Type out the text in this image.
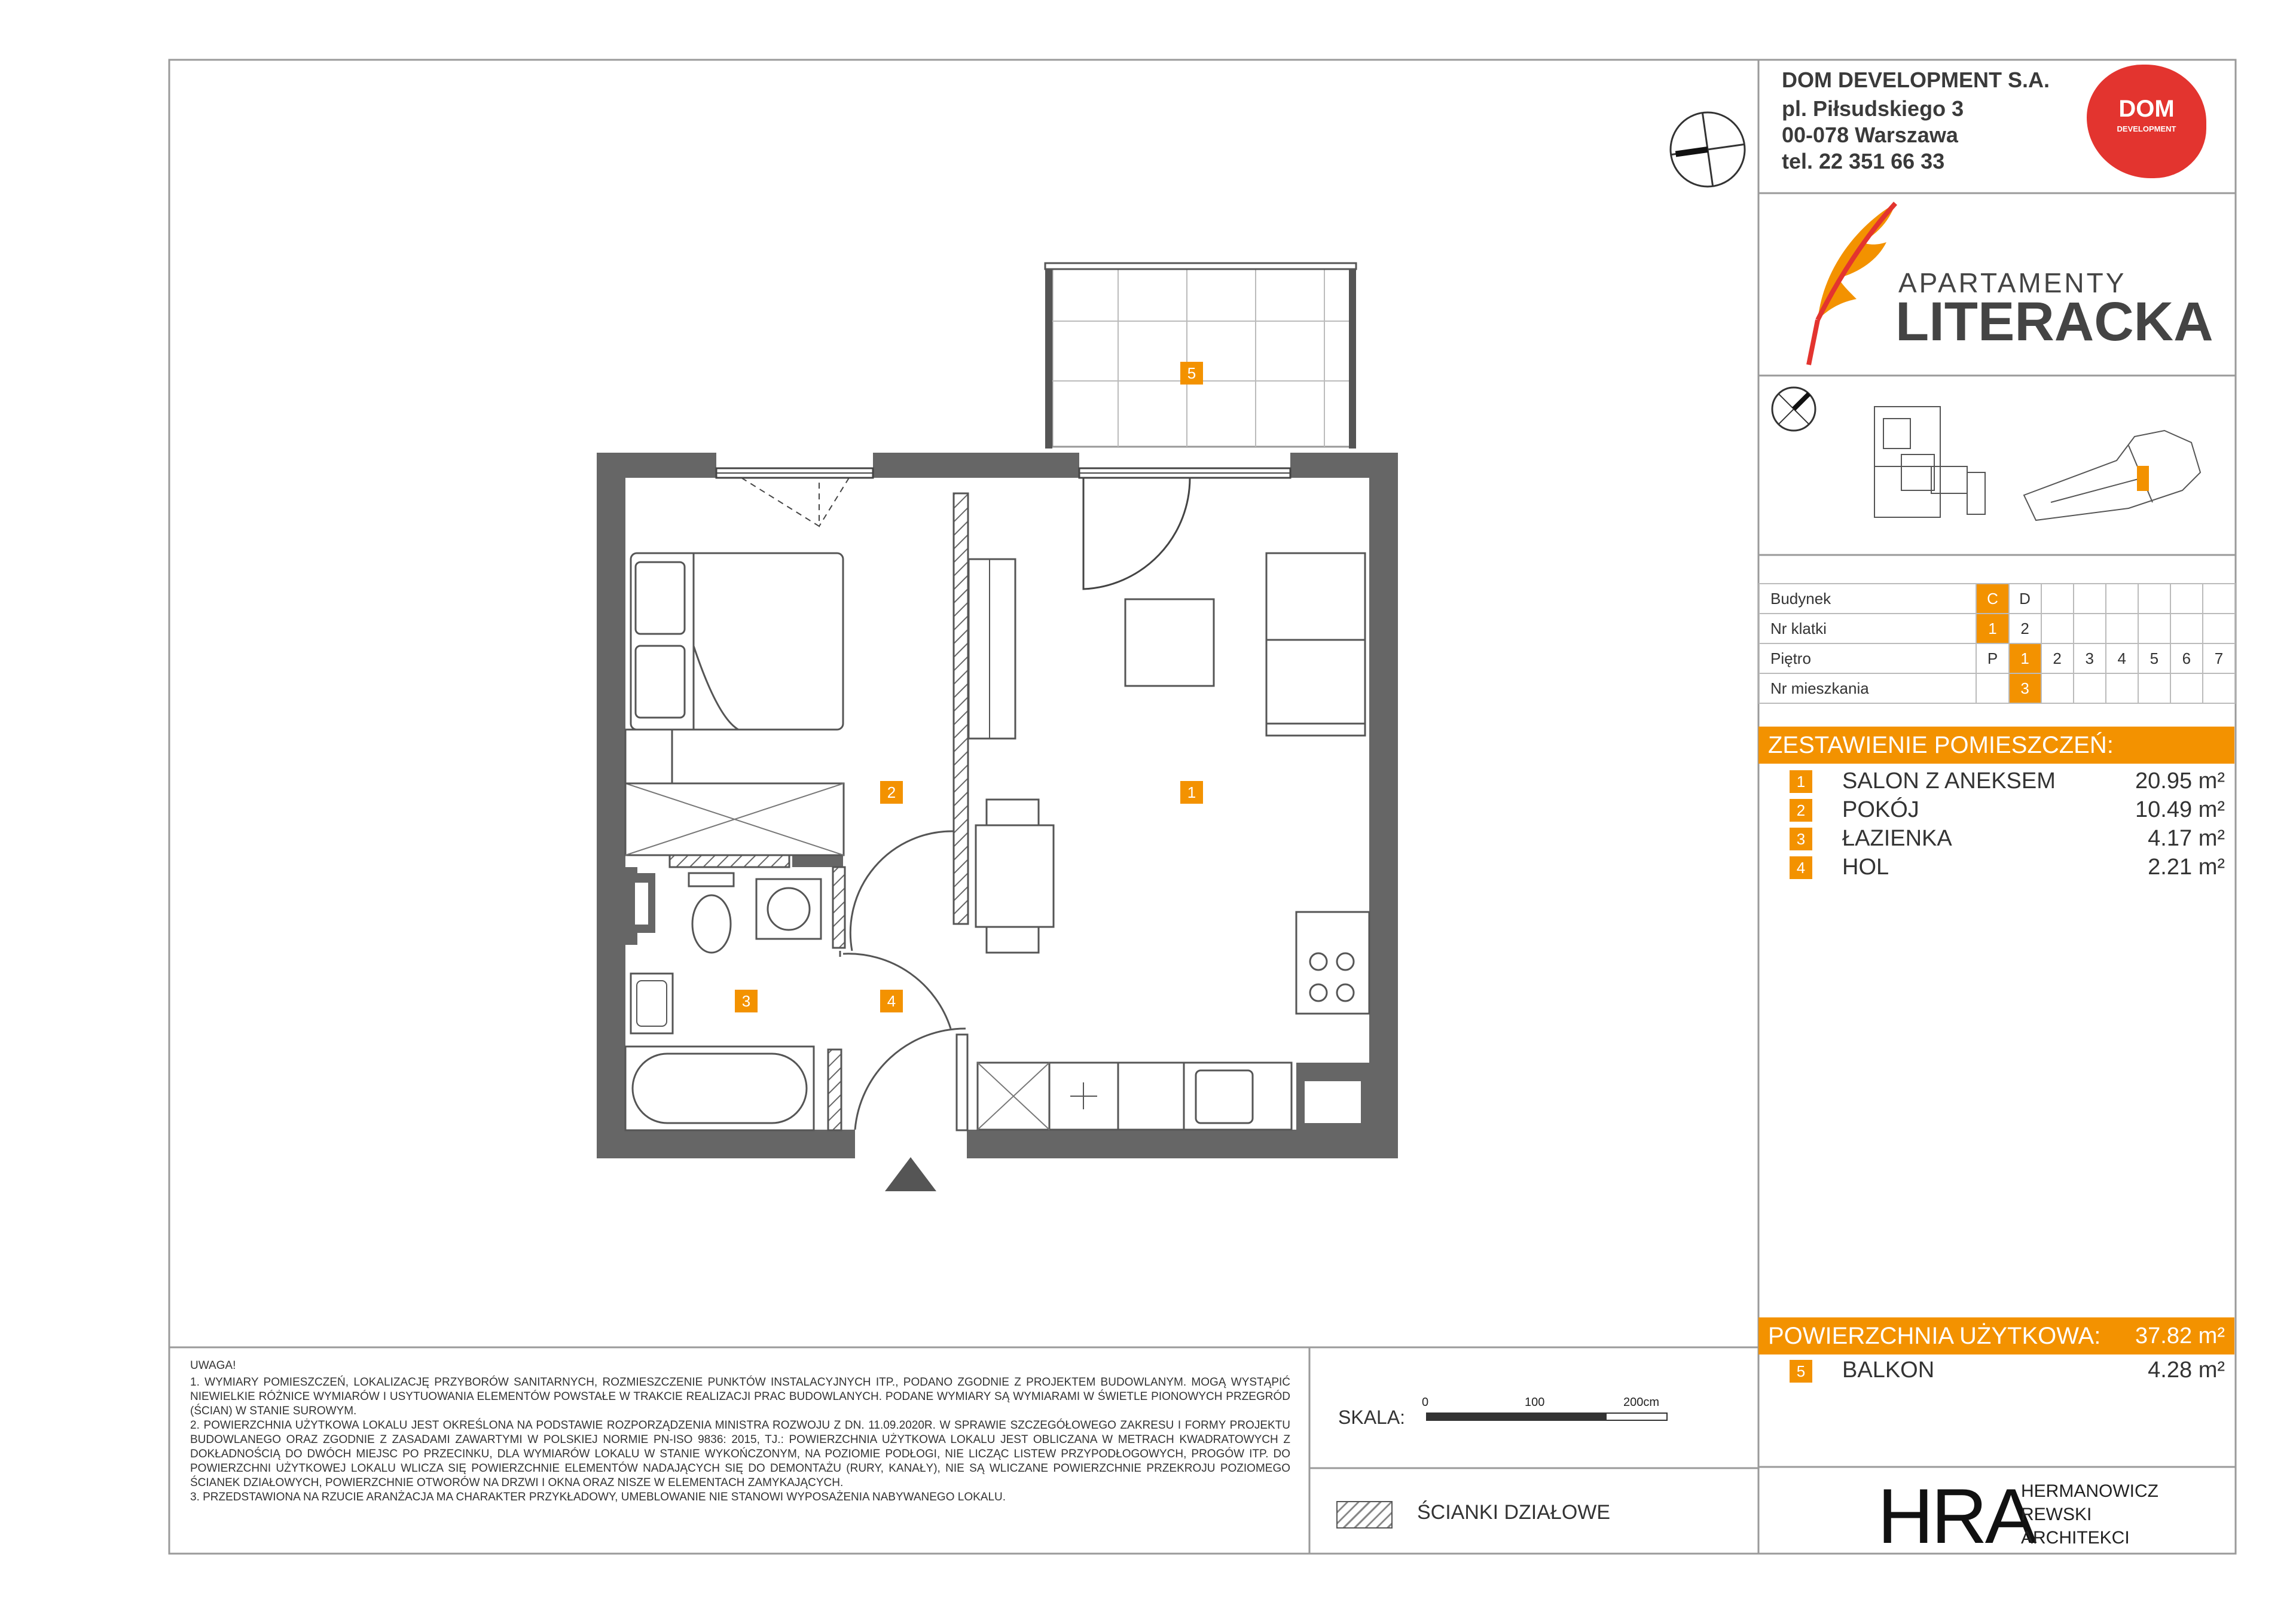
DOM DEVELOPMENT S.A.
pl. Piłsudskiego 3
00-078 Warszawa
tel. 22 351 66 33
DOM
DEVELOPMENT
APARTAMENTY
LITERACKA
Budynek	C	D						
Nr klatki	1	2						
Piętro	P	1	2	3	4	5	6	7
Nr mieszkania		3						
ZESTAWIENIE POMIESZCZEŃ:
1	SALON Z ANEKSEM	20.95 m²
2	POKÓJ	10.49 m²
3	ŁAZIENKA	4.17 m²
4	HOL	2.21 m²
POWIERZCHNIA UŻYTKOWA: 37.82 m²
5	BALKON	4.28 m²
UWAGA!
1. WYMIARY POMIESZCZEŃ, LOKALIZACJĘ PRZYBORÓW SANITARNYCH, ROZMIESZCZENIE PUNKTÓW INSTALACYJNYCH ITP., PODANO ZGODNIE Z PROJEKTEM BUDOWLANYM. MOGĄ WYSTĄPIĆ NIEWIELKIE RÓŻNICE WYMIARÓW I USYTUOWANIA ELEMENTÓW POWSTAŁE W TRAKCIE REALIZACJI PRAC BUDOWLANYCH. PODANE WYMIARY SĄ WYMIARAMI W ŚWIETLE PIONOWYCH PRZEGRÓD (ŚCIAN) W STANIE SUROWYM.
2. POWIERZCHNIA UŻYTKOWA LOKALU JEST OKREŚLONA NA PODSTAWIE ROZPORZĄDZENIA MINISTRA ROZWOJU Z DN. 11.09.2020R. W SPRAWIE SZCZEGÓŁOWEGO ZAKRESU I FORMY PROJEKTU BUDOWLANEGO ORAZ ZGODNIE Z ZASADAMI ZAWARTYMI W POLSKIEJ NORMIE PN-ISO 9836: 2015, TJ.: POWIERZCHNIA UŻYTKOWA LOKALU JEST OBLICZANA W METRACH KWADRATOWYCH Z DOKŁADNOŚCIĄ DO DWÓCH MIEJSC PO PRZECINKU, DLA WYMIARÓW LOKALU W STANIE WYKOŃCZONYM, NA POZIOMIE PODŁOGI, NIE LICZĄC LISTEW PRZYPODŁOGOWYCH, PROGÓW ITP. DO POWIERZCHNI UŻYTKOWEJ LOKALU WLICZA SIĘ POWIERZCHNIE ELEMENTÓW NADAJĄCYCH SIĘ DO DEMONTAŻU (RURY, KANAŁY), NIE SĄ WLICZANE POWIERZCHNIE PRZEKROJU POZIOMEGO ŚCIANEK DZIAŁOWYCH, POWIERZCHNIE OTWORÓW NA DRZWI I OKNA ORAZ NISZE W ELEMENTACH ZAMYKAJĄCYCH.
3. PRZEDSTAWIONA NA RZUCIE ARANŻACJA MA CHARAKTER PRZYKŁADOWY, UMEBLOWANIE NIE STANOWI WYPOSAŻENIA NABYWANEGO LOKALU.
SKALA:
0	100	200cm
ŚCIANKI DZIAŁOWE	HRA
HERMANOWICZ
REWSKI
ARCHITEKCI
5
1
2
3	4
